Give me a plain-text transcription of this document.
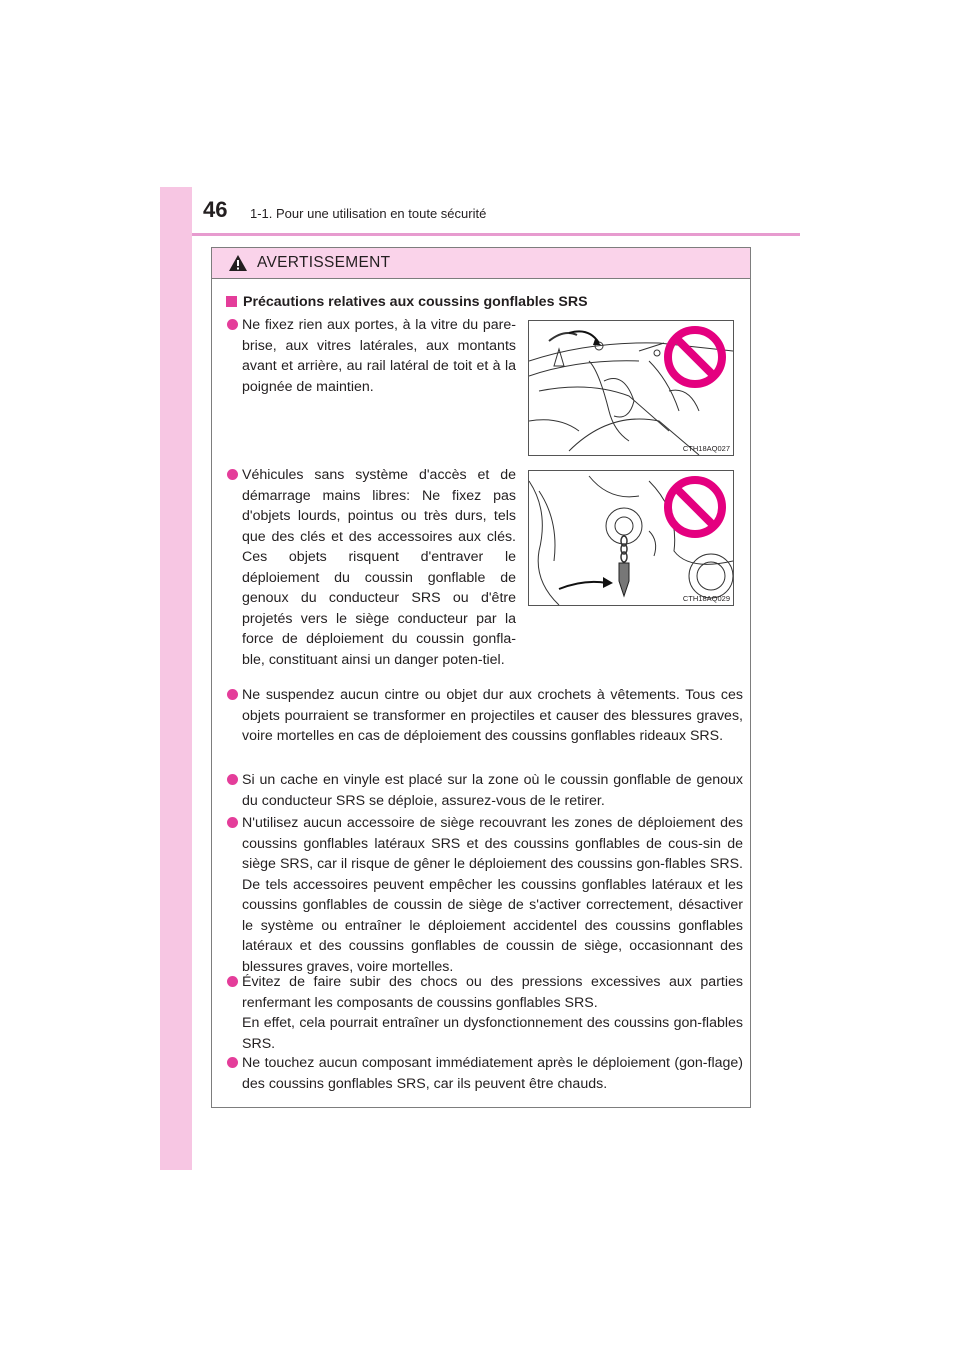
46 1-1. Pour une utilisation en toute sécurité
AVERTISSEMENT
Précautions relatives aux coussins gonflables SRS

Ne fixez rien aux portes, à la vitre du pare-brise, aux vitres latérales, aux montants avant et arrière, au rail latéral de toit et à la poignée de maintien.

CTH18AQ027

Véhicules sans système d'accès et de démarrage mains libres: Ne fixez pas d'objets lourds, pointus ou très durs, tels que des clés et des accessoires aux clés. Ces objets risquent d'entraver le déploiement du coussin gonflable de genoux du conducteur SRS ou d'être projetés vers le siège conducteur par la force de déploiement du coussin gonfla-ble, constituant ainsi un danger poten-tiel.

CTH18AQ029

Ne suspendez aucun cintre ou objet dur aux crochets à vêtements. Tous ces objets pourraient se transformer en projectiles et causer des blessures graves, voire mortelles en cas de déploiement des coussins gonflables rideaux SRS.

Si un cache en vinyle est placé sur la zone où le coussin gonflable de genoux du conducteur SRS se déploie, assurez-vous de le retirer.

N'utilisez aucun accessoire de siège recouvrant les zones de déploiement des coussins gonflables latéraux SRS et des coussins gonflables de cous-sin de siège SRS, car il risque de gêner le déploiement des coussins gon-flables SRS. De tels accessoires peuvent empêcher les coussins gonflables latéraux et les coussins gonflables de coussin de siège de s'activer correctement, désactiver le système ou entraîner le déploiement accidentel des coussins gonflables latéraux et des coussins gonflables de coussin de siège, occasionnant des blessures graves, voire mortelles.

Évitez de faire subir des chocs ou des pressions excessives aux parties renfermant les composants de coussins gonflables SRS.

En effet, cela pourrait entraîner un dysfonctionnement des coussins gon-flables SRS.

Ne touchez aucun composant immédiatement après le déploiement (gon-flage) des coussins gonflables SRS, car ils peuvent être chauds.
